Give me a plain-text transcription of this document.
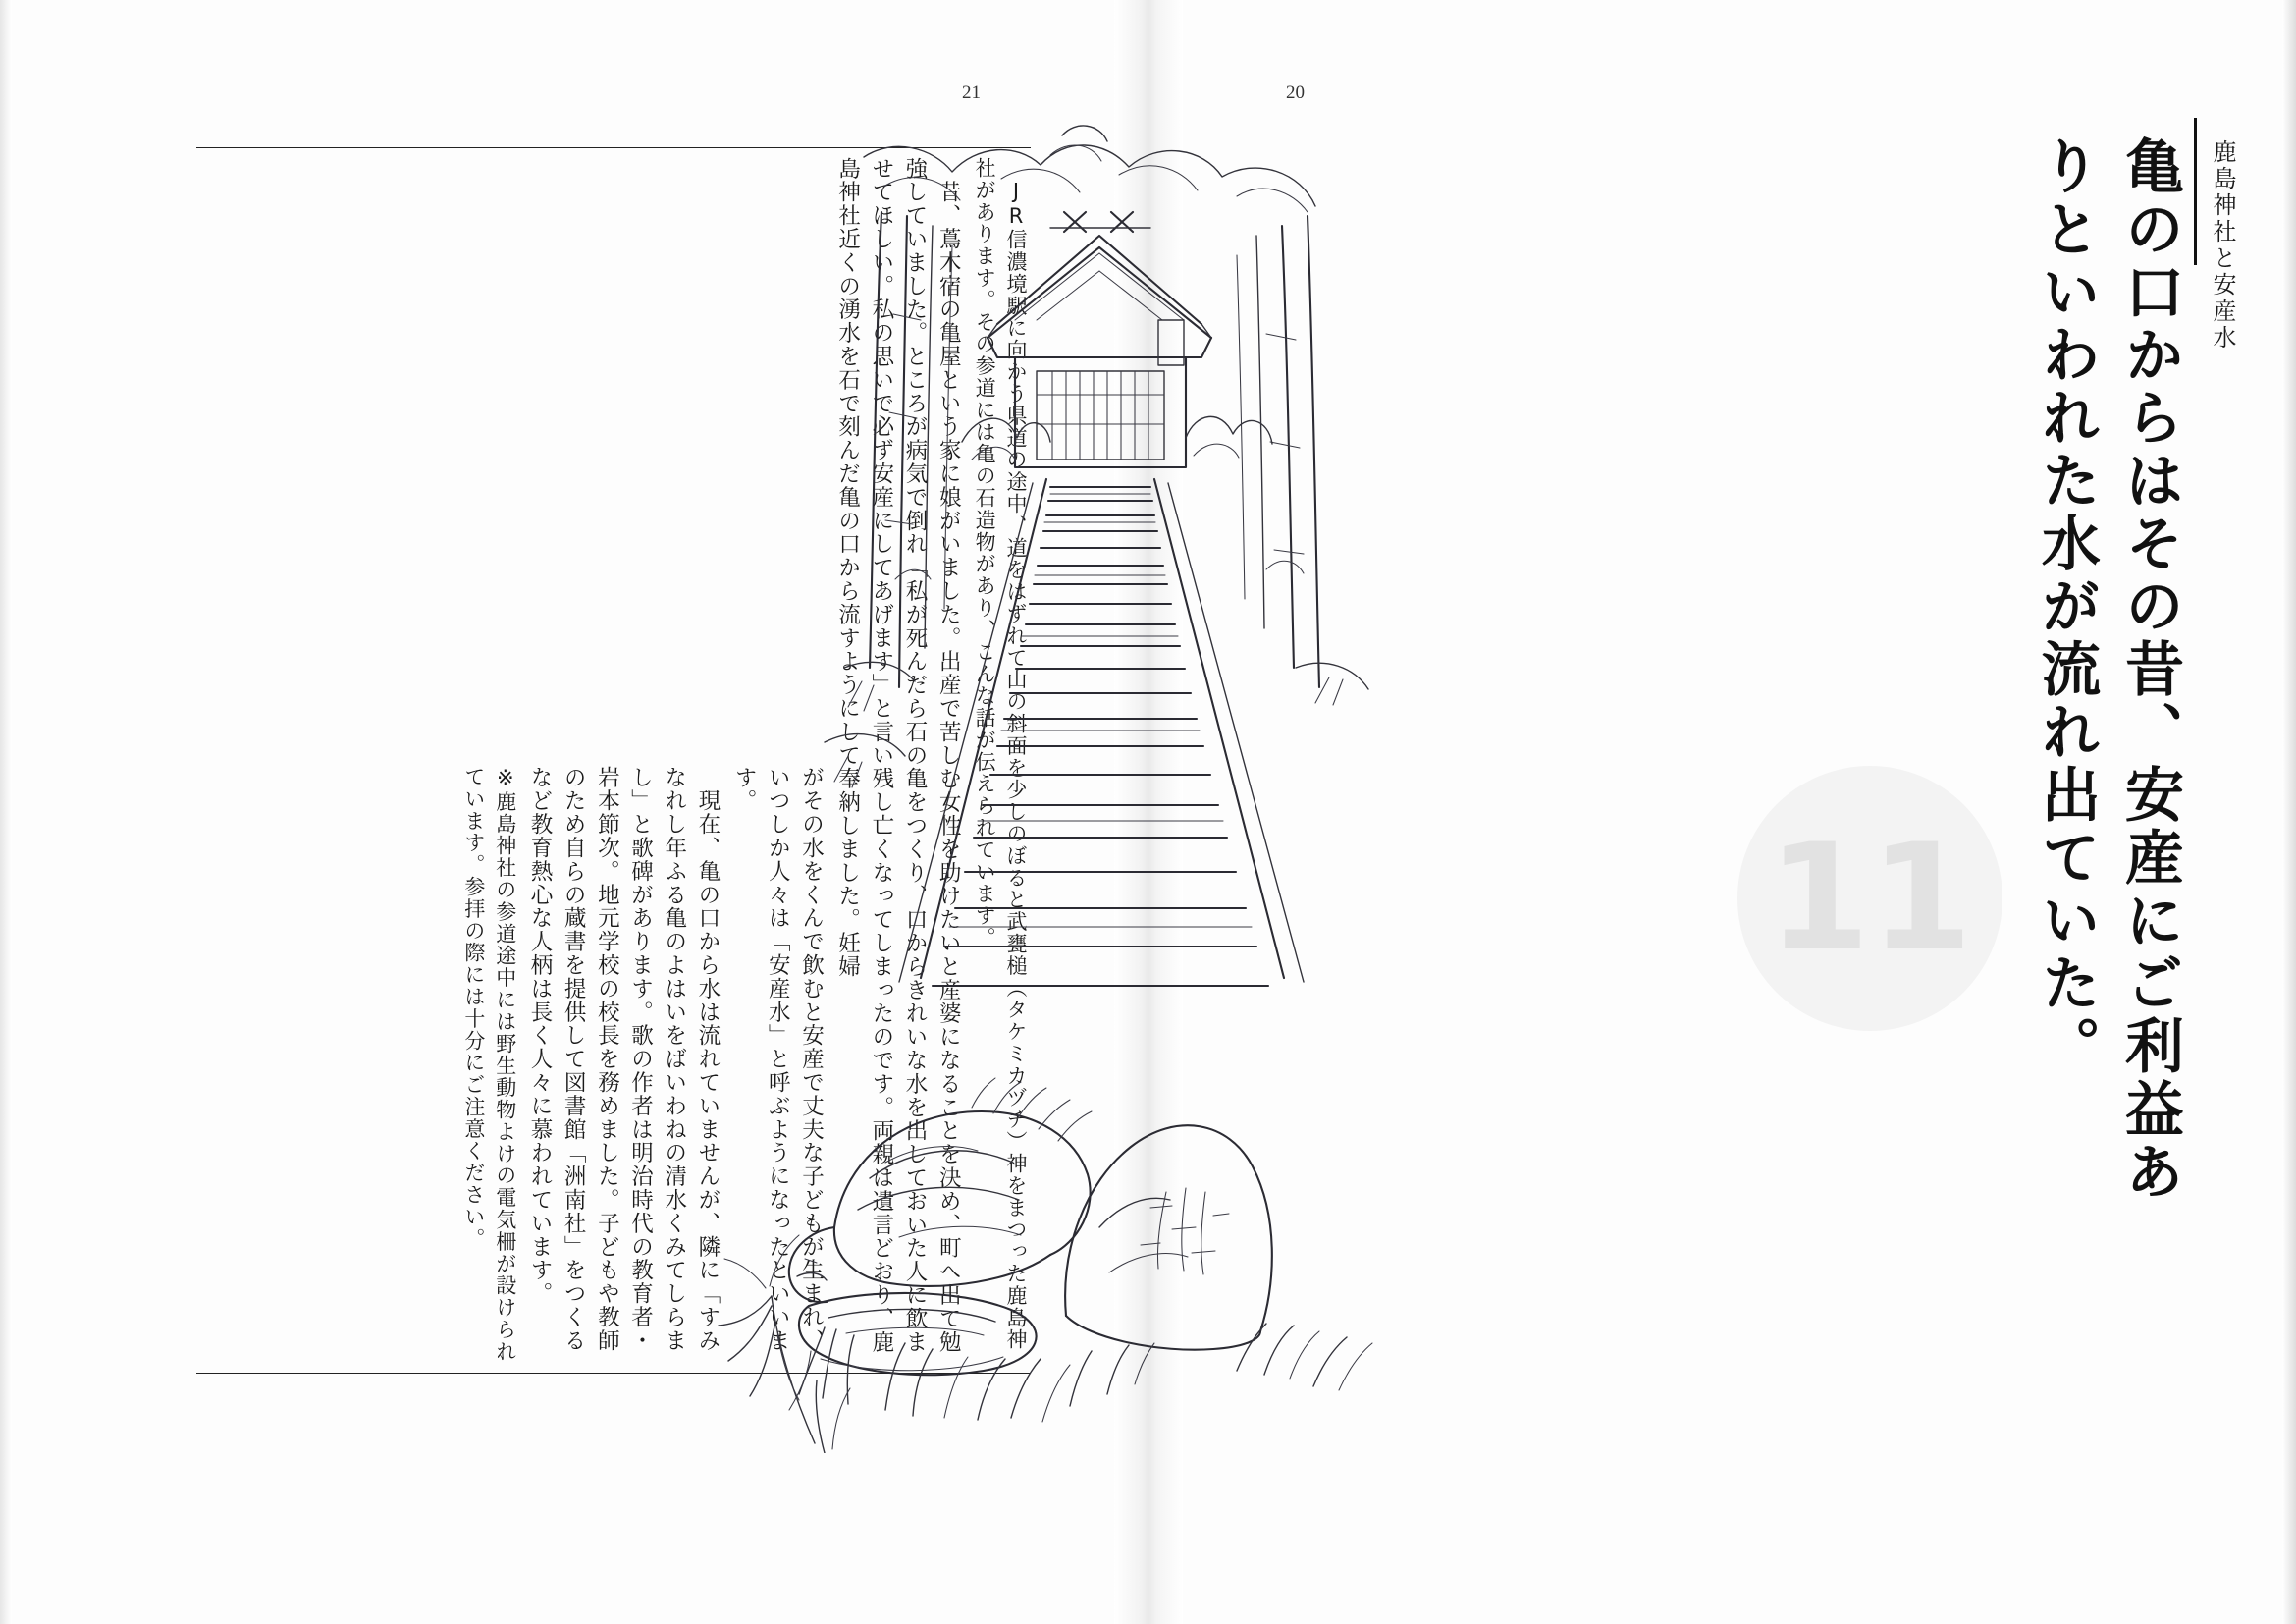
21	20
　JR信濃境駅に向かう県道の途中、道をはずれて山の斜面を少しのぼると武甕槌（タケミカヅチ）神をまつった鹿島神社があります。その参道には亀の石造物があり、こんな話が伝えられています。
　昔、蔦木宿の亀屋という家に娘がいました。出産で苦しむ女性を助けたいと産婆になることを決め、町へ出て勉強していました。ところが病気で倒れ「私が死んだら石の亀をつくり、口からきれいな水を出しておいた人に飲ませてほしい。私の思いで必ず安産にしてあげます」と言い残し亡くなってしまったのです。両親は遺言どおり、鹿島神社近くの湧水を石で刻んだ亀の口から流すようにして奉納しました。妊婦
がその水をくんで飲むと安産で丈夫な子どもが生まれ、いつしか人々は「安産水」と呼ぶようになったといいます。
　現在、亀の口から水は流れていませんが、隣に「すみなれし年ふる亀のよはいをばいわねの清水くみてしらまし」と歌碑があります。歌の作者は明治時代の教育者・岩本節次。地元学校の校長を務めました。子どもや教師のため自らの蔵書を提供して図書館「洲南社」をつくるなど教育熱心な人柄は長く人々に慕われています。
※鹿島神社の参道途中には野生動物よけの電気柵が設けられています。参拝の際には十分にご注意ください。
鹿島神社と安産水
亀の口からはその昔、安産にご利益ありといわれた水が流れ出ていた。
11
